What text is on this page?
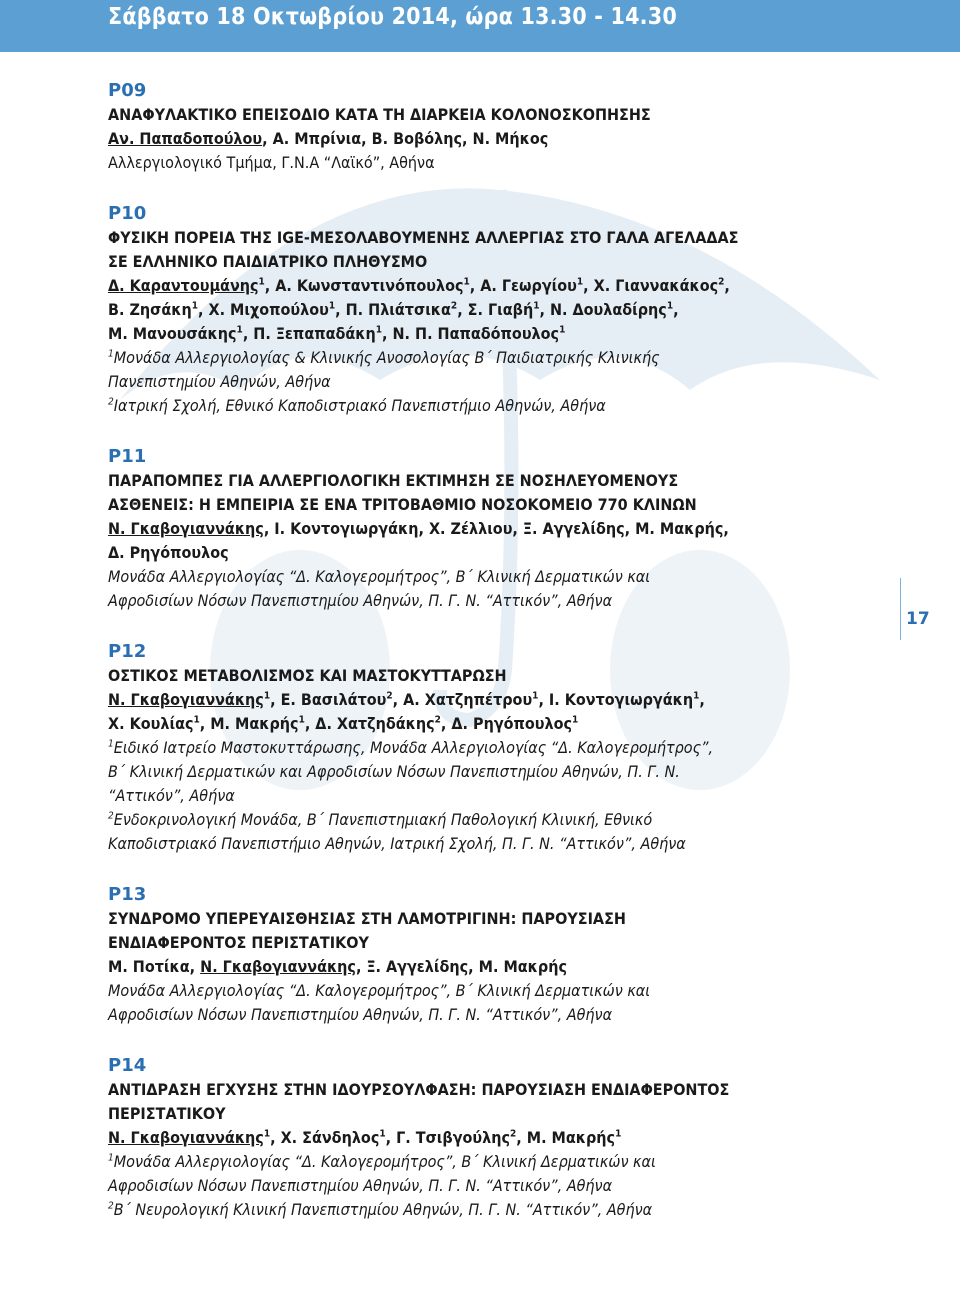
Σάββατο 18 Οκτωβρίου 2014, ώρα 13.30 - 14.30
17
P09
ΑΝΑΦΥΛΑΚΤΙΚΟ ΕΠΕΙΣΟΔΙΟ ΚΑΤΑ ΤΗ ΔΙΑΡΚΕΙΑ ΚΟΛΟΝΟΣΚΟΠΗΣΗΣ
Αν. Παπαδοπούλου, Α. Μπρίνια, Β. Βοβόλης, Ν. Μήκος
Αλλεργιολογικό Τμήμα, Γ.Ν.Α “Λαϊκό”, Αθήνα
P10
ΦΥΣΙΚΗ ΠΟΡΕΙΑ ΤΗΣ IGE-ΜΕΣΟΛΑΒΟΥΜΕΝΗΣ ΑΛΛΕΡΓΙΑΣ ΣΤΟ ΓΑΛΑ ΑΓΕΛΑΔΑΣ
ΣΕ ΕΛΛΗΝΙΚΟ ΠΑΙΔΙΑΤΡΙΚΟ ΠΛΗΘΥΣΜΟ
Δ. Καραντουμάνης$^1$, Α. Κωνσταντινόπουλος$^1$, Α. Γεωργίου$^1$, Χ. Γιαννακάκος$^2$,
Β. Ζησάκη$^1$, Χ. Μιχοπούλου$^1$, Π. Πλιάτσικα$^2$, Σ. Γιαβή$^1$, Ν. Δουλαδίρης$^1$,
Μ. Μανουσάκης$^1$, Π. Ξεπαπαδάκη$^1$, Ν. Π. Παπαδόπουλος$^1$
$^1$Μονάδα Αλλεργιολογίας & Κλινικής Ανοσολογίας Β΄ Παιδιατρικής Κλινικής
Πανεπιστημίου Αθηνών, Αθήνα
$^2$Ιατρική Σχολή, Εθνικό Καποδιστριακό Πανεπιστήμιο Αθηνών, Αθήνα
P11
ΠΑΡΑΠΟΜΠΕΣ ΓΙΑ ΑΛΛΕΡΓΙΟΛΟΓΙΚΗ ΕΚΤΙΜΗΣΗ ΣΕ ΝΟΣΗΛΕΥΟΜΕΝΟΥΣ
ΑΣΘΕΝΕΙΣ: Η ΕΜΠΕΙΡΙΑ ΣΕ ΕΝΑ ΤΡΙΤΟΒΑΘΜΙΟ ΝΟΣΟΚΟΜΕΙΟ 770 ΚΛΙΝΩΝ
Ν. Γκαβογιαννάκης, Ι. Κοντογιωργάκη, Χ. Ζέλλιου, Ξ. Αγγελίδης, Μ. Μακρής,
Δ. Ρηγόπουλος
Μονάδα Αλλεργιολογίας “Δ. Καλογερομήτρος”, Β΄ Κλινική Δερματικών και
Αφροδισίων Νόσων Πανεπιστημίου Αθηνών, Π. Γ. Ν. “Αττικόν”, Αθήνα
P12
ΟΣΤΙΚΟΣ ΜΕΤΑΒΟΛΙΣΜΟΣ ΚΑΙ ΜΑΣΤΟΚΥΤΤΑΡΩΣΗ
Ν. Γκαβογιαννάκης$^1$, Ε. Βασιλάτου$^2$, Α. Χατζηπέτρου$^1$, Ι. Κοντογιωργάκη$^1$,
Χ. Κουλίας$^1$, Μ. Μακρής$^1$, Δ. Χατζηδάκης$^2$, Δ. Ρηγόπουλος$^1$
$^1$Ειδικό Ιατρείο Μαστοκυττάρωσης, Μονάδα Αλλεργιολογίας “Δ. Καλογερομήτρος”,
Β΄ Κλινική Δερματικών και Αφροδισίων Νόσων Πανεπιστημίου Αθηνών, Π. Γ. Ν.
“Αττικόν”, Αθήνα
$^2$Ενδοκρινολογική Μονάδα, Β΄ Πανεπιστημιακή Παθολογική Κλινική, Εθνικό
Καποδιστριακό Πανεπιστήμιο Αθηνών, Ιατρική Σχολή, Π. Γ. Ν. “Αττικόν”, Αθήνα
P13
ΣΥΝΔΡΟΜΟ ΥΠΕΡΕΥΑΙΣΘΗΣΙΑΣ ΣΤΗ ΛΑΜΟΤΡΙΓΙΝΗ: ΠΑΡΟΥΣΙΑΣΗ
ΕΝΔΙΑΦΕΡΟΝΤΟΣ ΠΕΡΙΣΤΑΤΙΚΟΥ
Μ. Ποτίκα, Ν. Γκαβογιαννάκης, Ξ. Αγγελίδης, Μ. Μακρής
Μονάδα Αλλεργιολογίας “Δ. Καλογερομήτρος”, Β΄ Κλινική Δερματικών και
Αφροδισίων Νόσων Πανεπιστημίου Αθηνών, Π. Γ. Ν. “Αττικόν”, Αθήνα
P14
ΑΝΤΙΔΡΑΣΗ ΕΓΧΥΣΗΣ ΣΤΗΝ ΙΔΟΥΡΣΟΥΛΦΑΣΗ: ΠΑΡΟΥΣΙΑΣΗ ΕΝΔΙΑΦΕΡΟΝΤΟΣ
ΠΕΡΙΣΤΑΤΙΚΟΥ
Ν. Γκαβογιαννάκης$^1$, Χ. Σάνδηλος$^1$, Γ. Τσιβγούλης$^2$, Μ. Μακρής$^1$
$^1$Μονάδα Αλλεργιολογίας “Δ. Καλογερομήτρος”, Β΄ Κλινική Δερματικών και
Αφροδισίων Νόσων Πανεπιστημίου Αθηνών, Π. Γ. Ν. “Αττικόν”, Αθήνα
$^2$Β΄ Νευρολογική Κλινική Πανεπιστημίου Αθηνών, Π. Γ. Ν. “Αττικόν”, Αθήνα
